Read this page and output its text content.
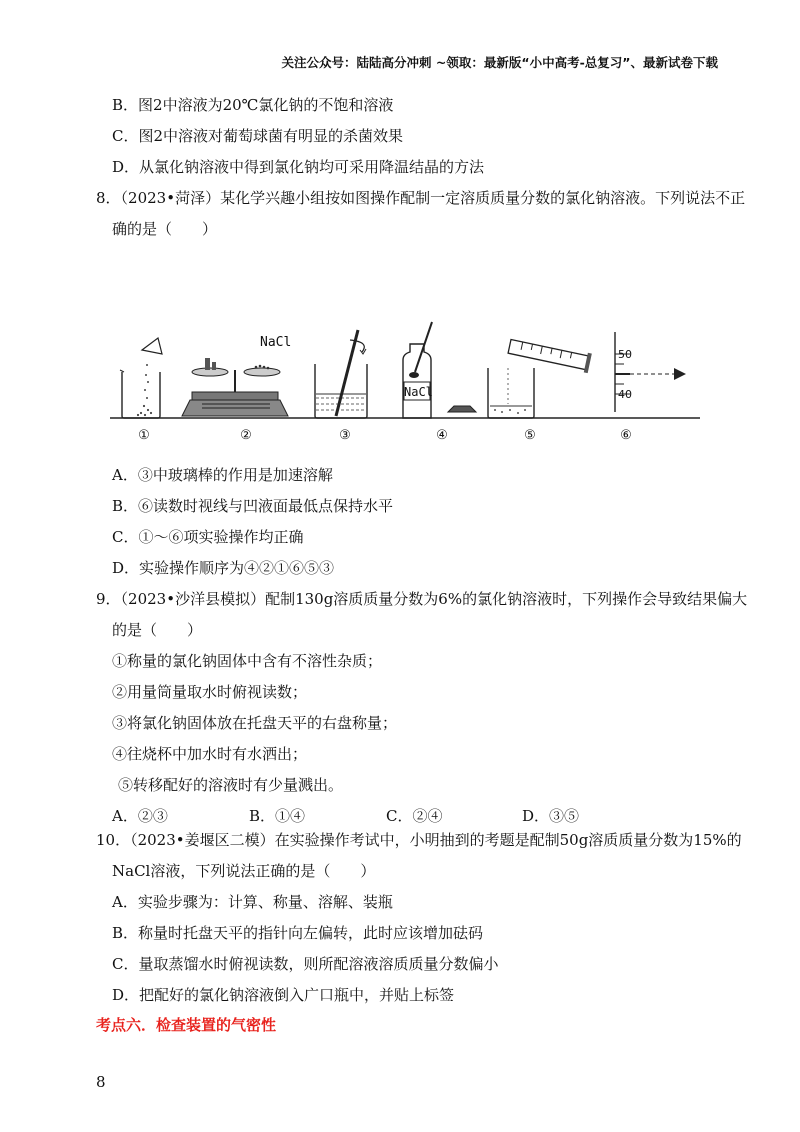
关注公众号：陆陆高分冲刺 ~领取：最新版“小中高考-总复习”、最新试卷下载
B．图2中溶液为20℃氯化钠的不饱和溶液
C．图2中溶液对葡萄球菌有明显的杀菌效果
D．从氯化钠溶液中得到氯化钠均可采用降温结晶的方法
8．（2023•菏泽）某化学兴趣小组按如图操作配制一定溶质质量分数的氯化钠溶液。下列说法不正
确的是（　　）
NaCl
NaCl
50
40
①	②	③	④	⑤	⑥
A．③中玻璃棒的作用是加速溶解
B．⑥读数时视线与凹液面最低点保持水平
C．①～⑥项实验操作均正确
D．实验操作顺序为④②①⑥⑤③
9．（2023•沙洋县模拟）配制130g溶质质量分数为6%的氯化钠溶液时，下列操作会导致结果偏大
的是（　　）
①称量的氯化钠固体中含有不溶性杂质；
②用量筒量取水时俯视读数；
③将氯化钠固体放在托盘天平的右盘称量；
④往烧杯中加水时有水洒出；
⑤转移配好的溶液时有少量溅出。
A．②③	B．①④	C．②④	D．③⑤
10．（2023•姜堰区二模）在实验操作考试中，小明抽到的考题是配制50g溶质质量分数为15%的
NaCl溶液，下列说法正确的是（　　）
A．实验步骤为：计算、称量、溶解、装瓶
B．称量时托盘天平的指针向左偏转，此时应该增加砝码
C．量取蒸馏水时俯视读数，则所配溶液溶质质量分数偏小
D．把配好的氯化钠溶液倒入广口瓶中，并贴上标签
考点六．检查装置的气密性
8
